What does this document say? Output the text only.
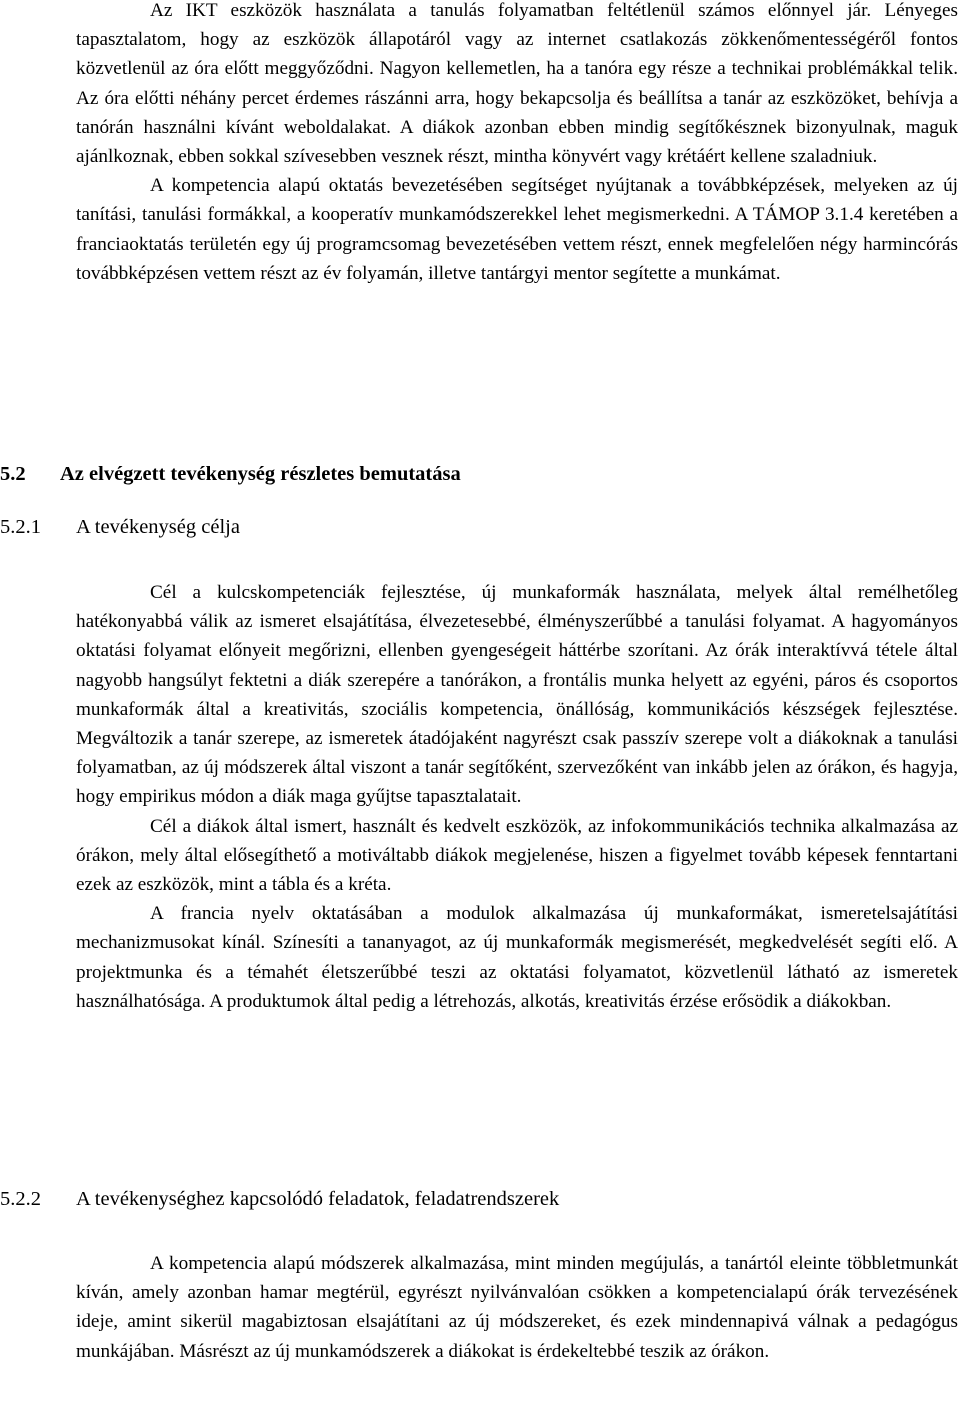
Az IKT eszközök használata a tanulás folyamatban feltétlenül számos előnnyel jár. Lényeges tapasztalatom, hogy az eszközök állapotáról vagy az internet csatlakozás zökkenőmentességéről fontos közvetlenül az óra előtt meggyőződni. Nagyon kellemetlen, ha a tanóra egy része a technikai problémákkal telik. Az óra előtti néhány percet érdemes rászánni arra, hogy bekapcsolja és beállítsa a tanár az eszközöket, behívja a tanórán használni kívánt weboldalakat. A diákok azonban ebben mindig segítőkésznek bizonyulnak, maguk ajánlkoznak, ebben sokkal szívesebben vesznek részt, mintha könyvért vagy krétáért kellene szaladniuk.

A kompetencia alapú oktatás bevezetésében segítséget nyújtanak a továbbképzések, melyeken az új tanítási, tanulási formákkal, a kooperatív munkamódszerekkel lehet megismerkedni. A TÁMOP 3.1.4 keretében a franciaoktatás területén egy új programcsomag bevezetésében vettem részt, ennek megfelelően négy harmincórás továbbképzésen vettem részt az év folyamán, illetve tantárgyi mentor segítette a munkámat.

5.2 Az elvégzett tevékenység részletes bemutatása
5.2.1 A tevékenység célja

Cél a kulcskompetenciák fejlesztése, új munkaformák használata, melyek által remélhetőleg hatékonyabbá válik az ismeret elsajátítása, élvezetesebbé, élményszerűbbé a tanulási folyamat. A hagyományos oktatási folyamat előnyeit megőrizni, ellenben gyengeségeit háttérbe szorítani. Az órák interaktívvá tétele által nagyobb hangsúlyt fektetni a diák szerepére a tanórákon, a frontális munka helyett az egyéni, páros és csoportos munkaformák által a kreativitás, szociális kompetencia, önállóság, kommunikációs készségek fejlesztése. Megváltozik a tanár szerepe, az ismeretek átadójaként nagyrészt csak passzív szerepe volt a diákoknak a tanulási folyamatban, az új módszerek által viszont a tanár segítőként, szervezőként van inkább jelen az órákon, és hagyja, hogy empirikus módon a diák maga gyűjtse tapasztalatait.

Cél a diákok által ismert, használt és kedvelt eszközök, az infokommunikációs technika alkalmazása az órákon, mely által elősegíthető a motiváltabb diákok megjelenése, hiszen a figyelmet tovább képesek fenntartani ezek az eszközök, mint a tábla és a kréta.

A francia nyelv oktatásában a modulok alkalmazása új munkaformákat, ismeretelsajátítási mechanizmusokat kínál. Színesíti a tananyagot, az új munkaformák megismerését, megkedvelését segíti elő. A projektmunka és a témahét életszerűbbé teszi az oktatási folyamatot, közvetlenül látható az ismeretek használhatósága. A produktumok által pedig a létrehozás, alkotás, kreativitás érzése erősödik a diákokban.

5.2.2 A tevékenységhez kapcsolódó feladatok, feladatrendszerek

A kompetencia alapú módszerek alkalmazása, mint minden megújulás, a tanártól eleinte többletmunkát kíván, amely azonban hamar megtérül, egyrészt nyilvánvalóan csökken a kompetencialapú órák tervezésének ideje, amint sikerül magabiztosan elsajátítani az új módszereket, és ezek mindennapivá válnak a pedagógus munkájában. Másrészt az új munkamódszerek a diákokat is érdekeltebbé teszik az órákon.
